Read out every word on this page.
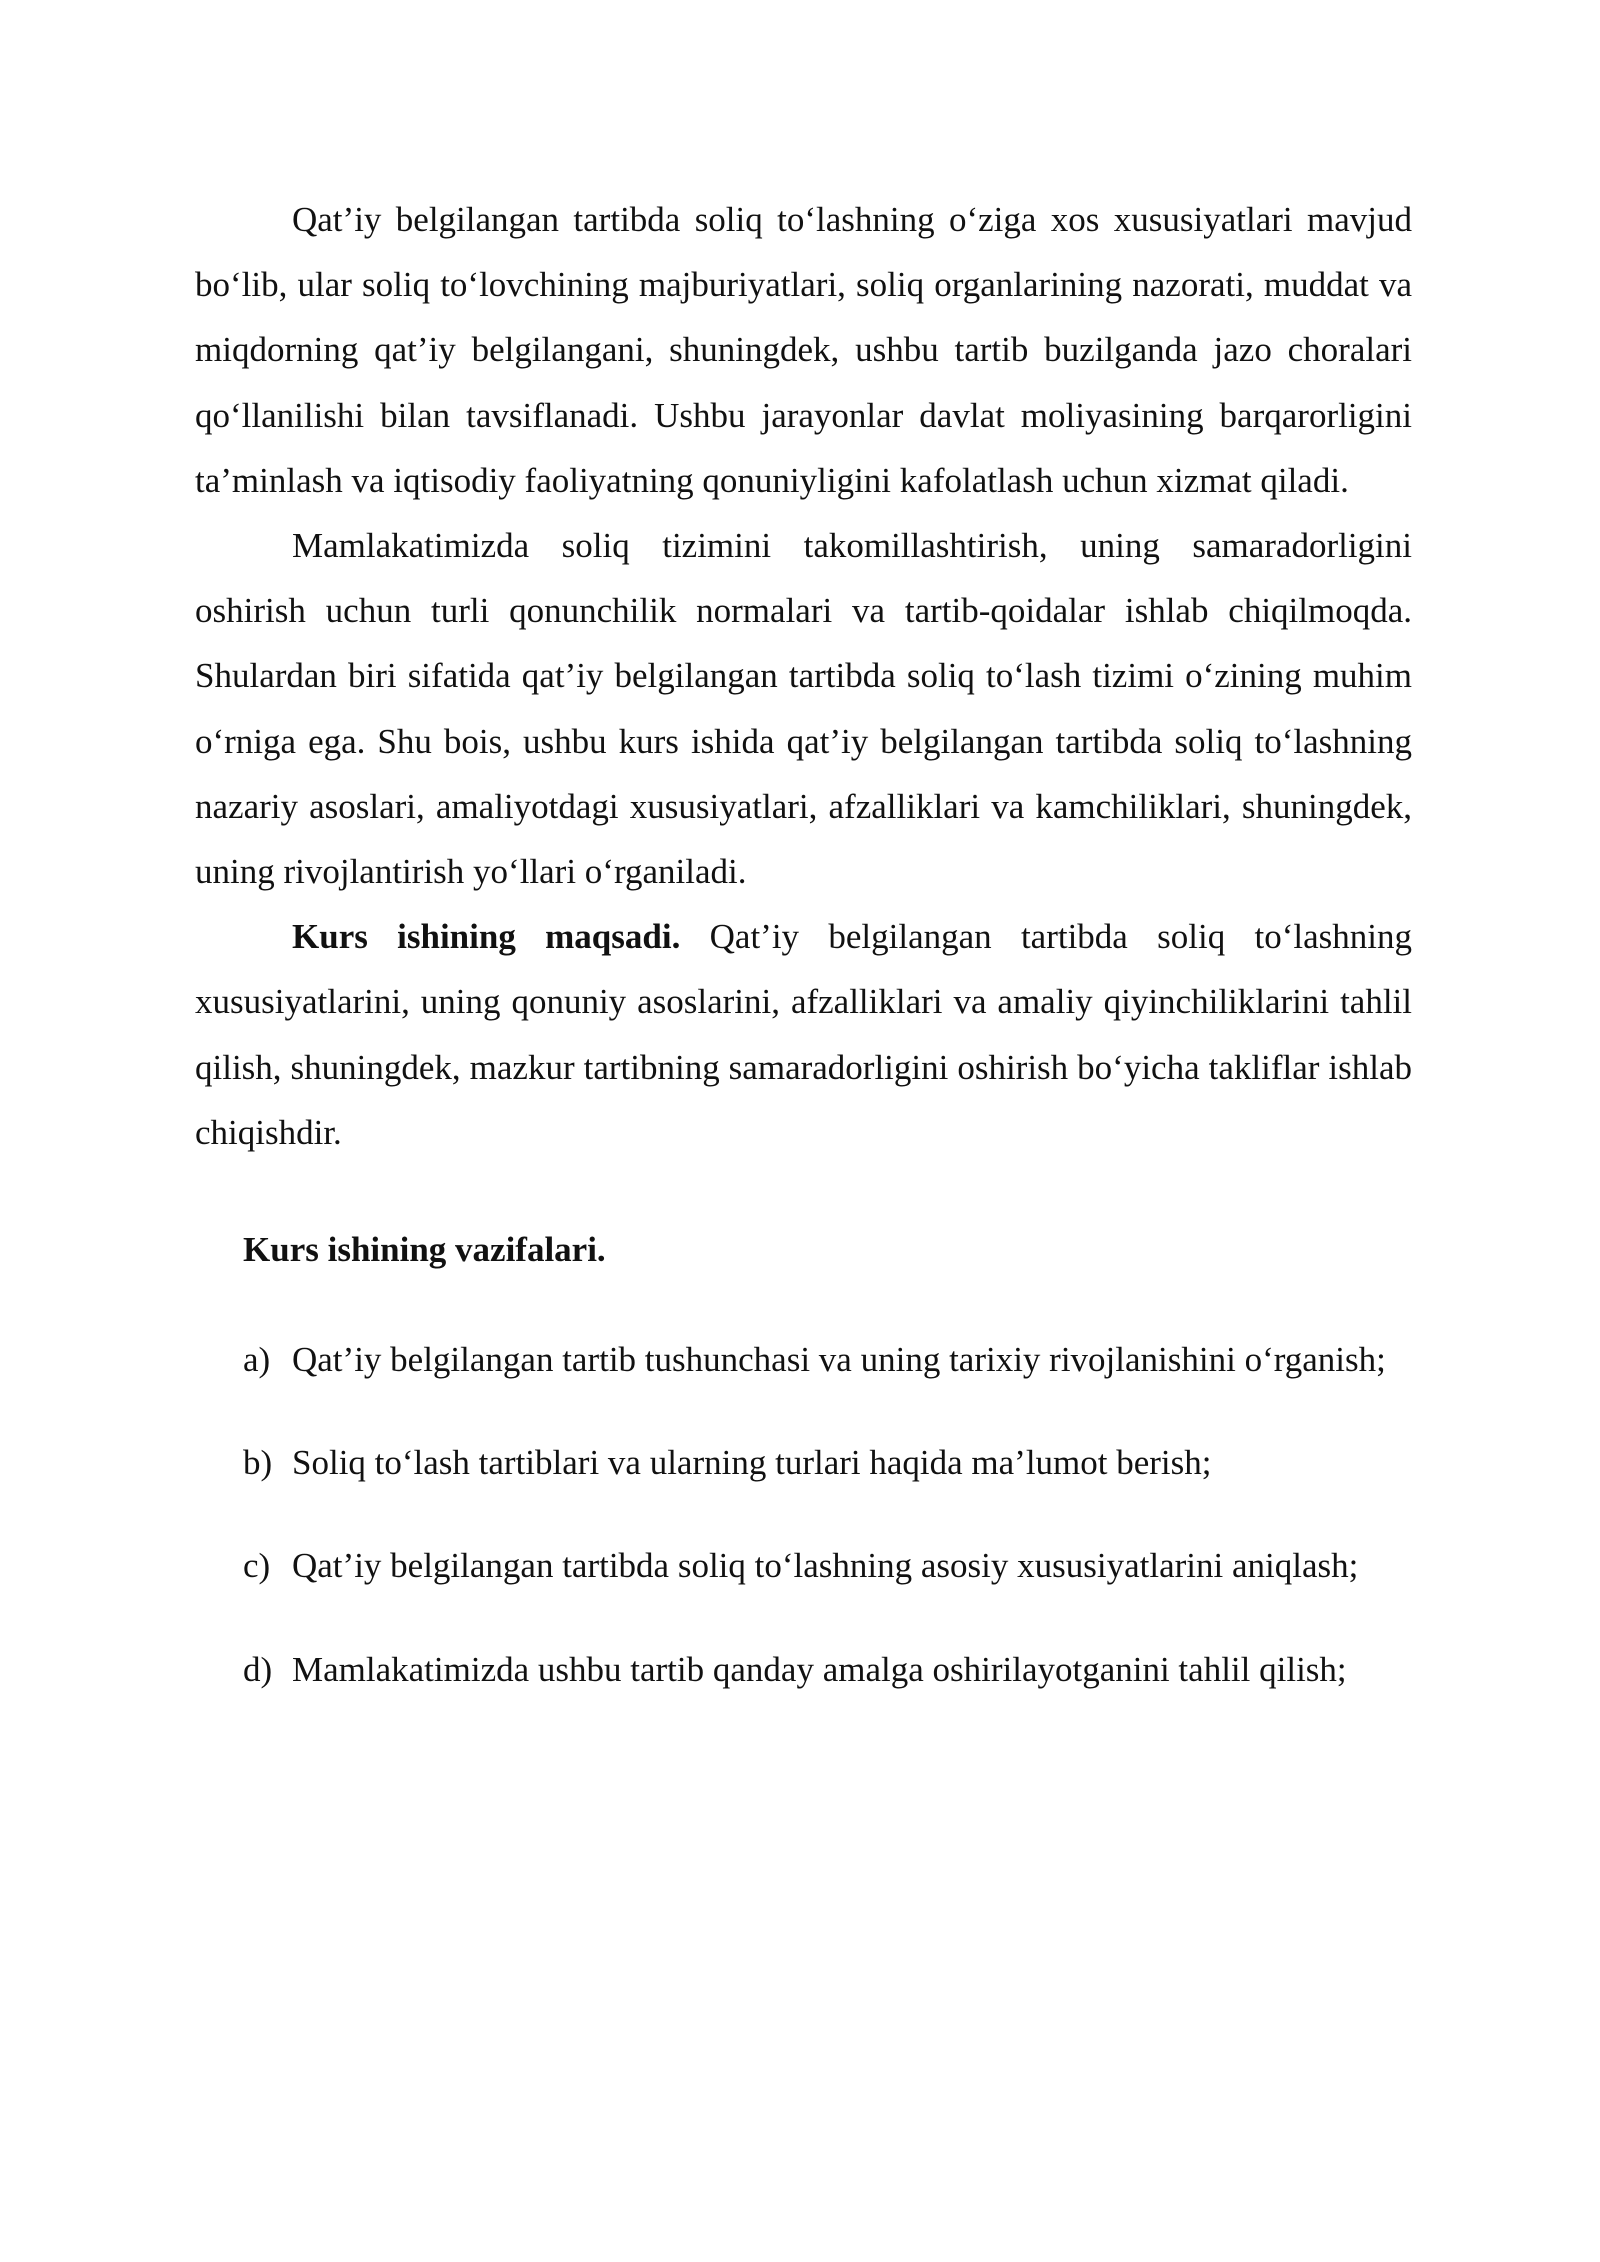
Qat’iy belgilangan tartibda soliq to‘lashning o‘ziga xos xususiyatlari mavjud bo‘lib, ular soliq to‘lovchining majburiyatlari, soliq organlarining nazorati, muddat va miqdorning qat’iy belgilangani, shuningdek, ushbu tartib buzilganda jazo choralari qo‘llanilishi bilan tavsiflanadi. Ushbu jarayonlar davlat moliyasining barqarorligini ta’minlash va iqtisodiy faoliyatning qonuniyligini kafolatlash uchun xizmat qiladi.

Mamlakatimizda soliq tizimini takomillashtirish, uning samaradorligini oshirish uchun turli qonunchilik normalari va tartib-qoidalar ishlab chiqilmoqda. Shulardan biri sifatida qat’iy belgilangan tartibda soliq to‘lash tizimi o‘zining muhim o‘rniga ega. Shu bois, ushbu kurs ishida qat’iy belgilangan tartibda soliq to‘lashning nazariy asoslari, amaliyotdagi xususiyatlari, afzalliklari va kamchiliklari, shuningdek, uning rivojlantirish yo‘llari o‘rganiladi.

Kurs ishining maqsadi. Qat’iy belgilangan tartibda soliq to‘lashning xususiyatlarini, uning qonuniy asoslarini, afzalliklari va amaliy qiyinchiliklarini tahlil qilish, shuningdek, mazkur tartibning samaradorligini oshirish bo‘yicha takliflar ishlab chiqishdir.

Kurs ishining vazifalari.
a) Qat’iy belgilangan tartib tushunchasi va uning tarixiy rivojlanishini o‘rganish;
b) Soliq to‘lash tartiblari va ularning turlari haqida ma’lumot berish;
c) Qat’iy belgilangan tartibda soliq to‘lashning asosiy xususiyatlarini aniqlash;
d) Mamlakatimizda ushbu tartib qanday amalga oshirilayotganini tahlil qilish;
